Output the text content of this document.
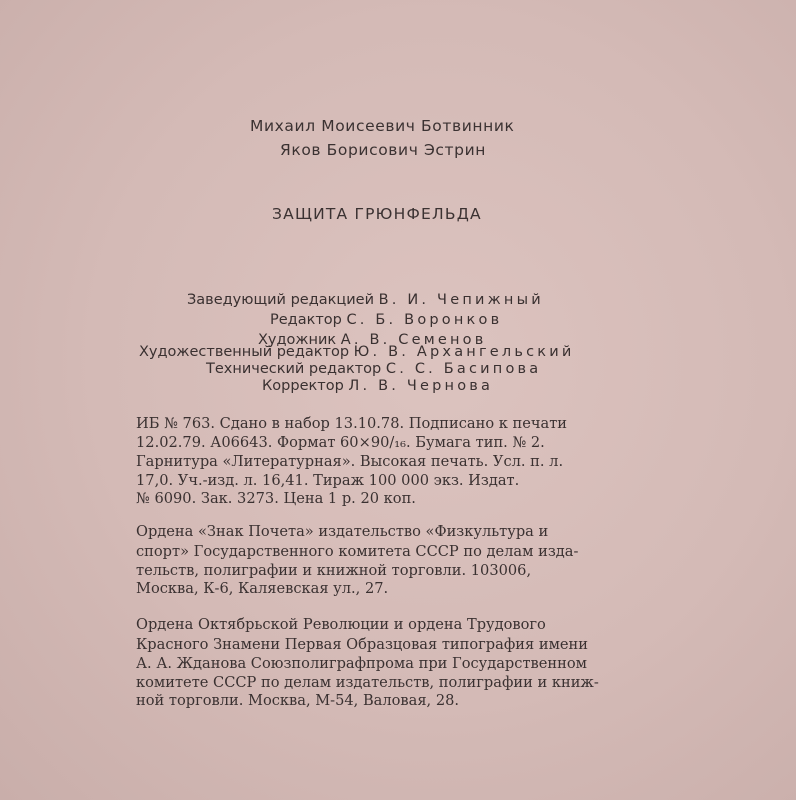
Михаил Моисеевич Ботвинник
Яков Борисович Эстрин
ЗАЩИТА ГРЮНФЕЛЬДА
Заведующий редакцией В. И. Чепижный
Редактор С. Б. Воронков
Художник А. В. Семенов
Художественный редактор Ю. В. Архангельский
Технический редактор С. С. Басипова
Корректор Л. В. Чернова
ИБ № 763. Сдано в набор 13.10.78. Подписано к печати
12.02.79. А06643. Формат 60×90/₁₆. Бумага тип. № 2.
Гарнитура «Литературная». Высокая печать. Усл. п. л.
17,0. Уч.-изд. л. 16,41. Тираж 100 000 экз. Издат.
№ 6090. Зак. 3273. Цена 1 р. 20 коп.
Ордена «Знак Почета» издательство «Физкультура и
спорт» Государственного комитета СССР по делам изда-
тельств, полиграфии и книжной торговли. 103006,
Москва, К-6, Каляевская ул., 27.
Ордена Октябрьской Революции и ордена Трудового
Красного Знамени Первая Образцовая типография имени
А. А. Жданова Союзполиграфпрома при Государственном
комитете СССР по делам издательств, полиграфии и книж-
ной торговли. Москва, М-54, Валовая, 28.
